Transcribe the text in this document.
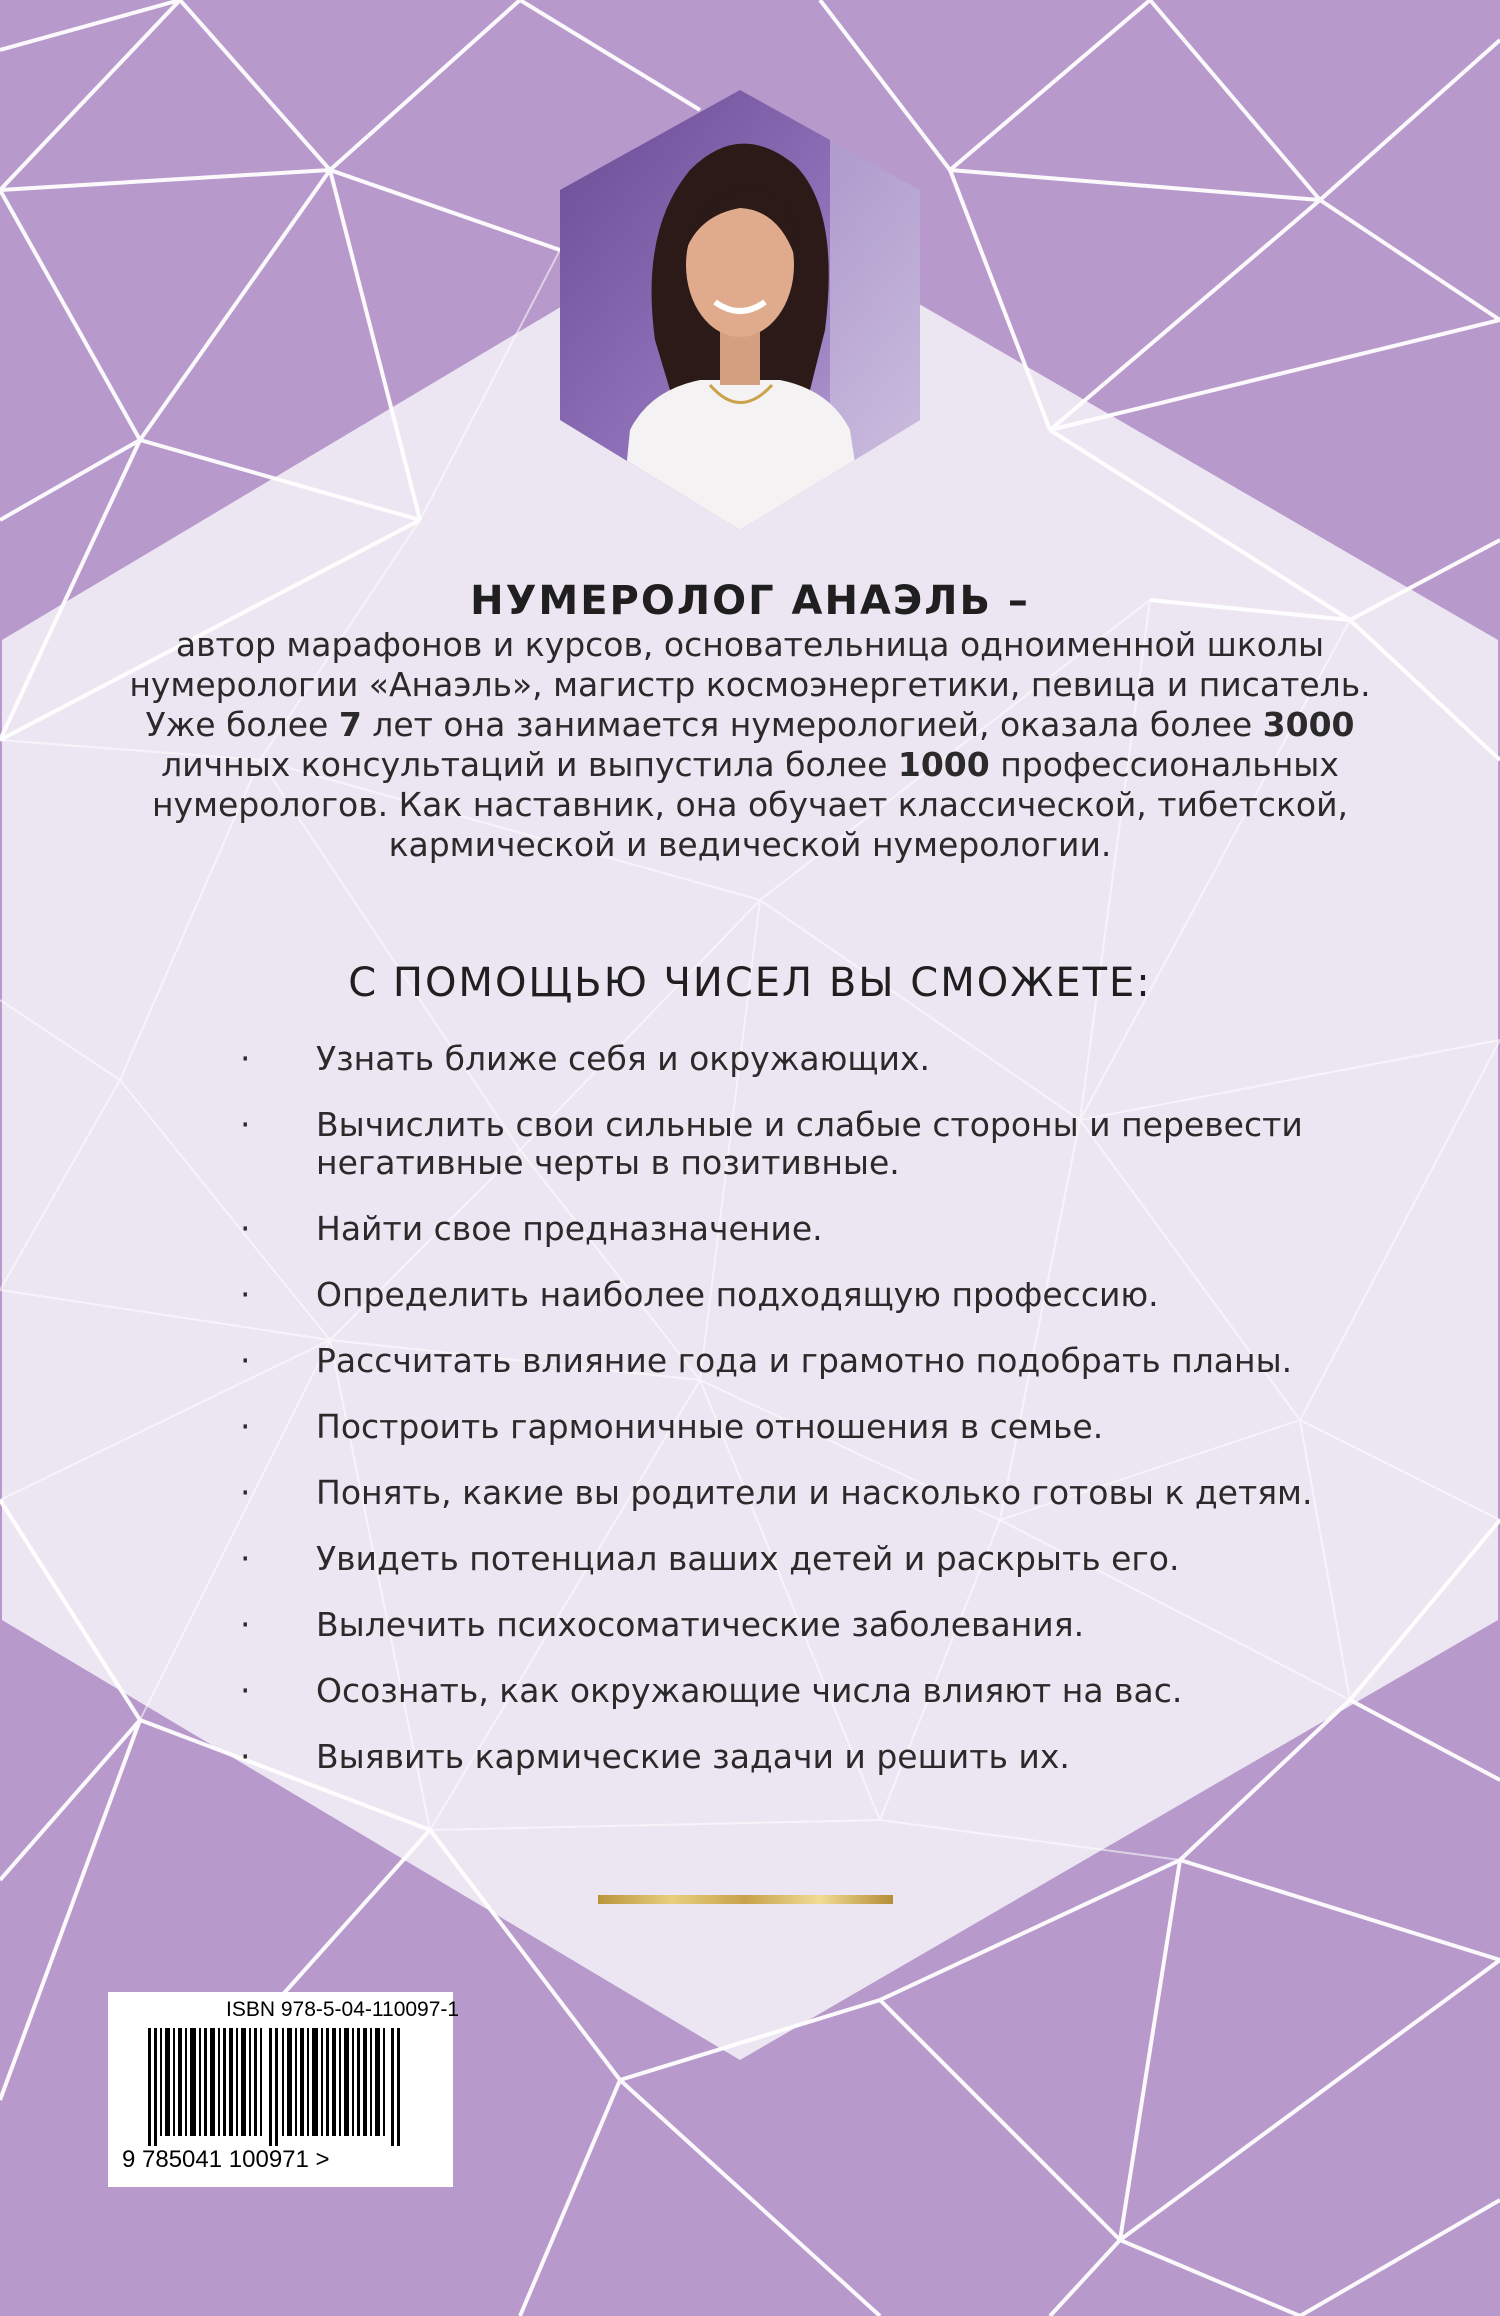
НУМЕРОЛОГ АНАЭЛЬ –

автор марафонов и курсов, основательница одноименной школы нумерологии «Анаэль», магистр космоэнергетики, певица и писатель. Уже более 7 лет она занимается нумерологией, оказала более 3000 личных консультаций и выпустила более 1000 профессиональных нумерологов. Как наставник, она обучает классической, тибетской, кармической и ведической нумерологии.

С ПОМОЩЬЮ ЧИСЕЛ ВЫ СМОЖЕТЕ:
· Узнать ближе себя и окружающих.
· Вычислить свои сильные и слабые стороны и перевести негативные черты в позитивные.
· Найти свое предназначение.
· Определить наиболее подходящую профессию.
· Рассчитать влияние года и грамотно подобрать планы.
· Построить гармоничные отношения в семье.
· Понять, какие вы родители и насколько готовы к детям.
· Увидеть потенциал ваших детей и раскрыть его.
· Вылечить психосоматические заболевания.
· Осознать, как окружающие числа влияют на вас.
· Выявить кармические задачи и решить их.
ISBN 978-5-04-110097-1
9 785041 100971 >
